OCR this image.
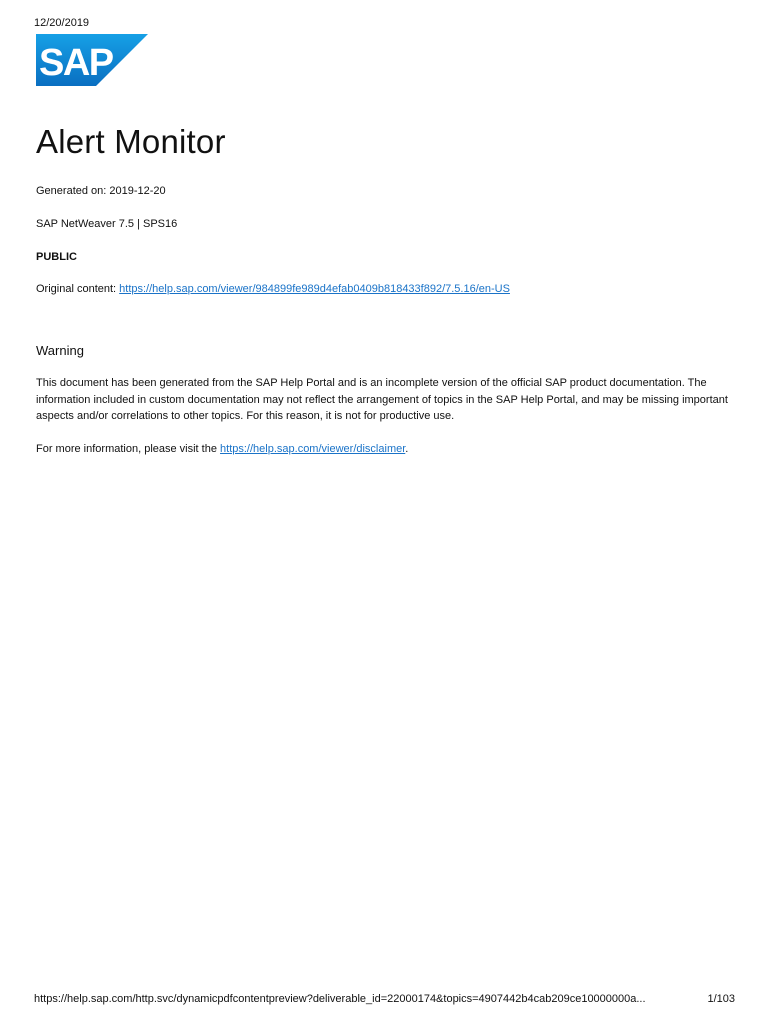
12/20/2019
SAP
Alert Monitor

Generated on: 2019-12-20

SAP NetWeaver 7.5 | SPS16

PUBLIC

Original content: https://help.sap.com/viewer/984899fe989d4efab0409b818433f892/7.5.16/en-US

Warning

This document has been generated from the SAP Help Portal and is an incomplete version of the official SAP product documentation. The information included in custom documentation may not reflect the arrangement of topics in the SAP Help Portal, and may be missing important aspects and/or correlations to other topics. For this reason, it is not for productive use.

For more information, please visit the https://help.sap.com/viewer/disclaimer.

https://help.sap.com/http.svc/dynamicpdfcontentpreview?deliverable_id=22000174&topics=4907442b4cab209ce10000000a...	1/103
